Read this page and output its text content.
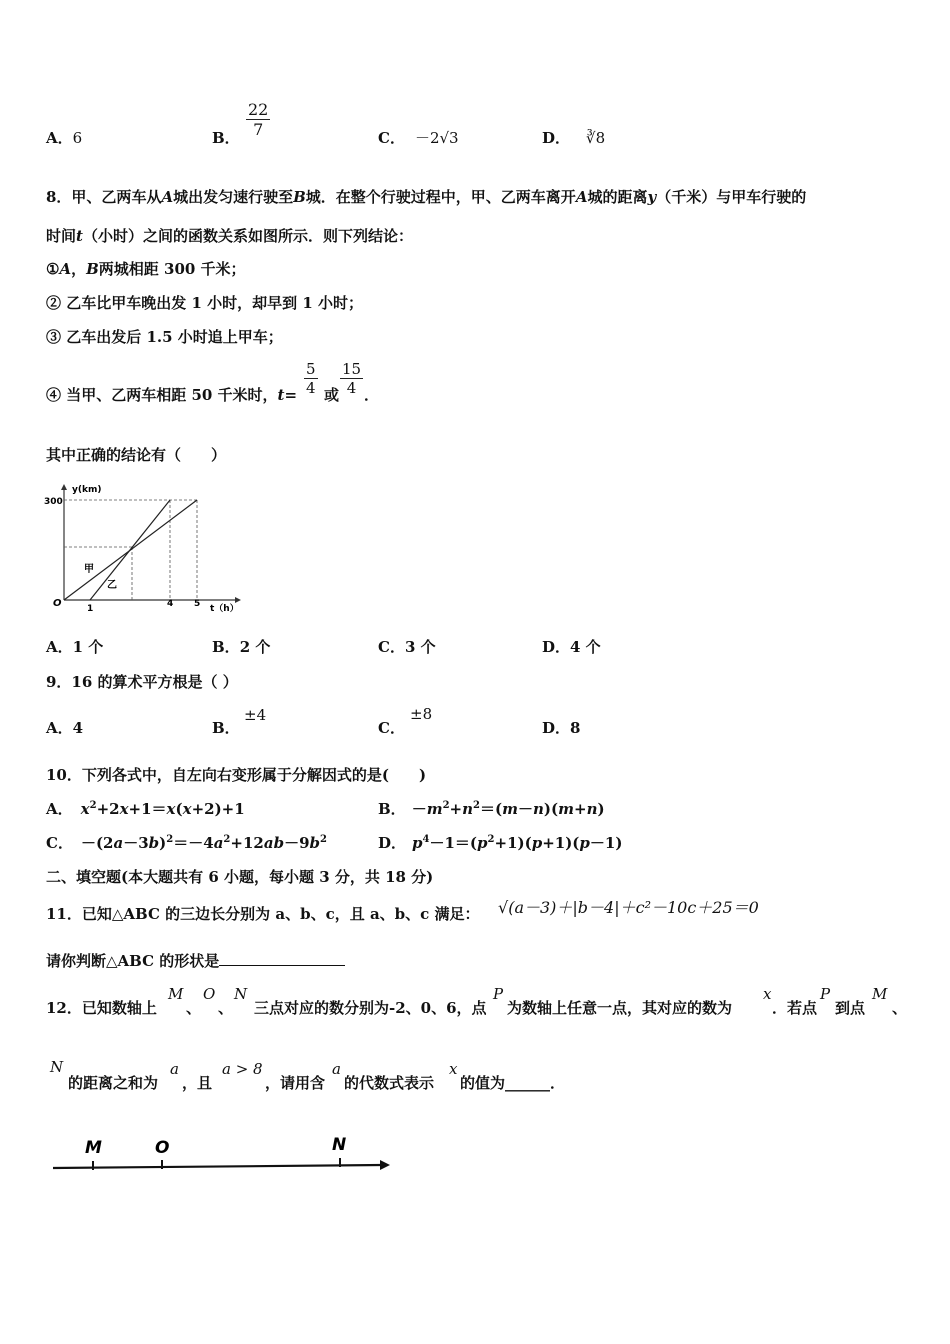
A．6	B． $\frac{22}{7}$	C． －2√3	D． ∛8
8．甲、乙两车从A城出发匀速行驶至B城．在整个行驶过程中，甲、乙两车离开A城的距离y（千米）与甲车行驶的
时间t（小时）之间的函数关系如图所示．则下列结论：
①A，B两城相距 300 千米；
② 乙车比甲车晚出发 1 小时，却早到 1 小时；
③ 乙车出发后 1.5 小时追上甲车；
④ 当甲、乙两车相距 50 千米时，$t= \frac{5}{4}$ 或 $\frac{15}{4}$ ．
其中正确的结论有（　　）
y(km)
300
O	1	4 5 t（h）
甲
乙
A．1 个	B．2 个	C．3 个	D．4 个
9．16 的算术平方根是（ ）
A．4	B．
±4
C．
±8
D．8
10．下列各式中，自左向右变形属于分解因式的是(　　)
A． $x^2+2x+1=x(x+2)+1$	B． $-m^2+n^2=(m-n)(m+n)$
C． $-(2a-3b)^2=-4a^2+12ab-9b^2$	D． $p^4-1=(p^2+1)(p+1)(p-1)$
二、填空题(本大题共有 6 小题，每小题 3 分，共 18 分)
11．已知△ABC 的三边长分别为 a、b、c，且 a、b、c 满足： √(a－3)＋|b－4|＋c²－10c＋25＝0
请你判断△ABC 的形状是
12．已知数轴上
M
、
O
、
N
三点对应的数分别为-2、0、6，点
P
为数轴上任意一点，其对应的数为
x
．若点
P
到点
M
、
N
的距离之和为
a
，且
a > 8
，请用含
a
的代数式表示
x
的值为______．
M	O	N
